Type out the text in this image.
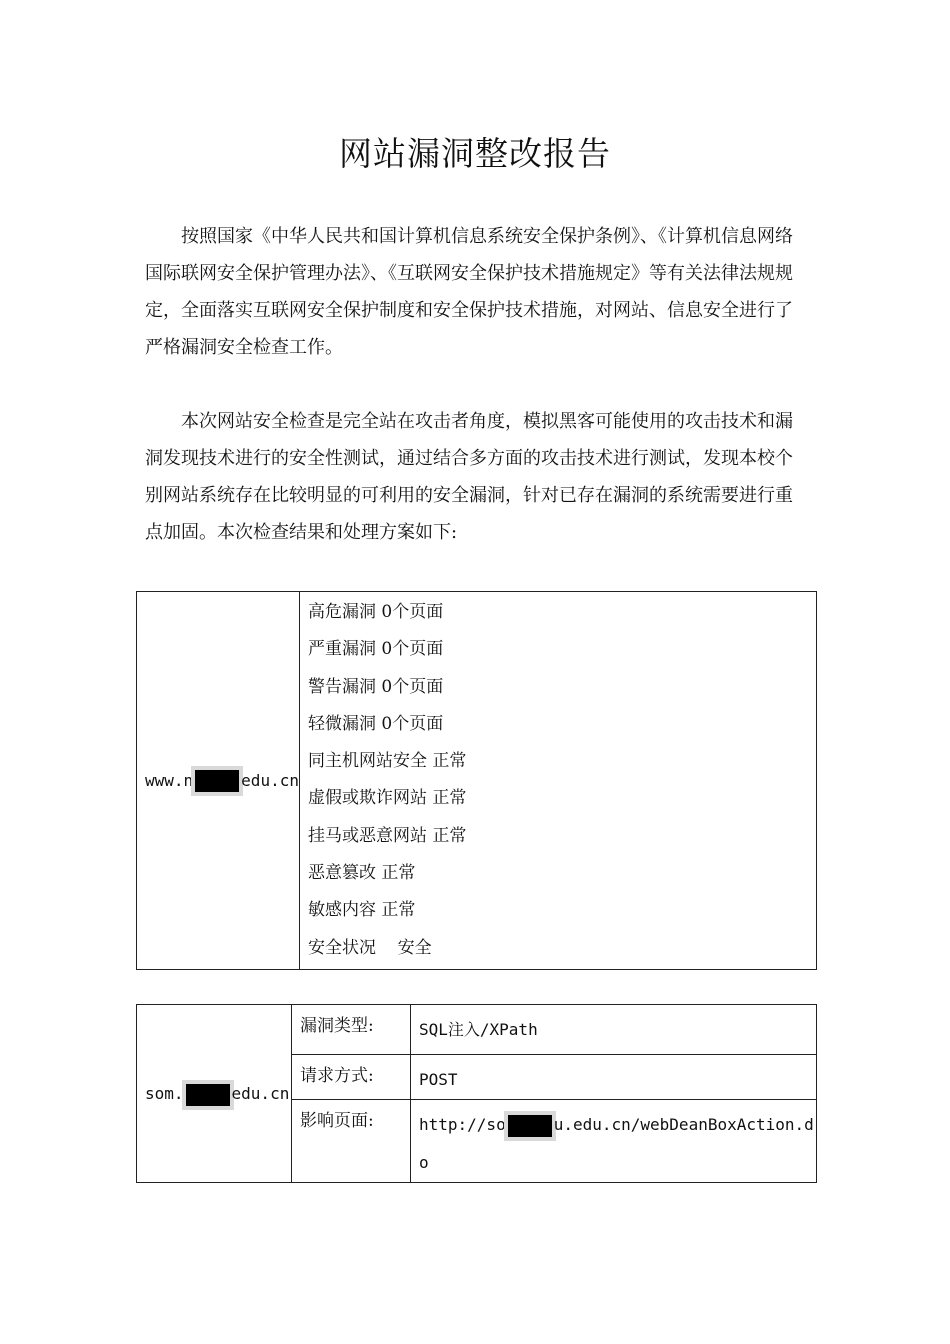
网站漏洞整改报告

按照国家《中华人民共和国计算机信息系统安全保护条例》、《计算机信息网络国际联网安全保护管理办法》、《互联网安全保护技术措施规定》等有关法律法规规定，全面落实互联网安全保护制度和安全保护技术措施，对网站、信息安全进行了严格漏洞安全检查工作。

本次网站安全检查是完全站在攻击者角度，模拟黑客可能使用的攻击技术和漏洞发现技术进行的安全性测试，通过结合多方面的攻击技术进行测试，发现本校个别网站系统存在比较明显的可利用的安全漏洞，针对已存在漏洞的系统需要进行重点加固。本次检查结果和处理方案如下:

www.n	edu.cn	
高危漏洞 0个页面
严重漏洞 0个页面
警告漏洞 0个页面
轻微漏洞 0个页面
同主机网站安全 正常
虚假或欺诈网站 正常
挂马或恶意网站 正常
恶意篡改 正常
敏感内容 正常
安全状况    安全
som. edu.cn	漏洞类型:	SQL注入/XPath
	请求方式:	POST
	影响页面:	http://so u.edu.cn/webDeanBoxAction.do
